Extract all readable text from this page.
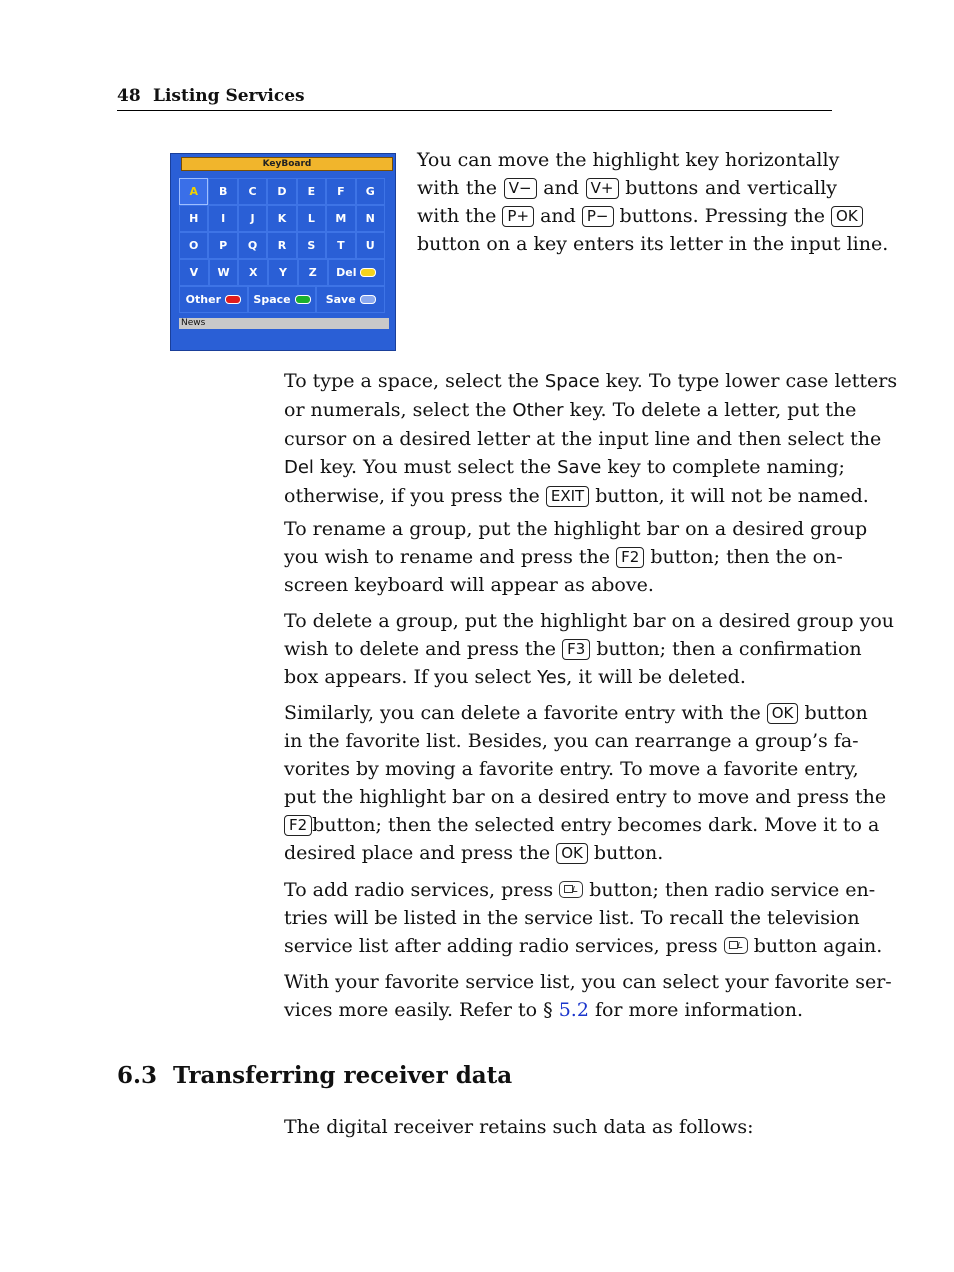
48 Listing Services
KeyBoard
A	B	C	D	E	F	G
H	I	J	K	L	M	N
O	P	Q	R	S	T	U
V	W	X	Y	Z	Del
Other	Space	Save
News

You can move the highlight key horizontally
with the V− and V+ buttons and vertically
with the P+ and P− buttons. Pressing the OK
button on a key enters its letter in the input line.

To type a space, select the Space key. To type lower case letters
or numerals, select the Other key. To delete a letter, put the
cursor on a desired letter at the input line and then select the
Del key. You must select the Save key to complete naming;
otherwise, if you press the EXIT button, it will not be named.

To rename a group, put the highlight bar on a desired group
you wish to rename and press the F2 button; then the on-
screen keyboard will appear as above.

To delete a group, put the highlight bar on a desired group you
wish to delete and press the F3 button; then a confirmation
box appears. If you select Yes, it will be deleted.

Similarly, you can delete a favorite entry with the OK button
in the favorite list. Besides, you can rearrange a group’s fa-
vorites by moving a favorite entry. To move a favorite entry,
put the highlight bar on a desired entry to move and press the
F2 button; then the selected entry becomes dark. Move it to a
desired place and press the OK button.

To add radio services, press button; then radio service en-
tries will be listed in the service list. To recall the television
service list after adding radio services, press button again.

With your favorite service list, you can select your favorite ser-
vices more easily. Refer to § 5.2 for more information.

6.3 Transferring receiver data

The digital receiver retains such data as follows:
